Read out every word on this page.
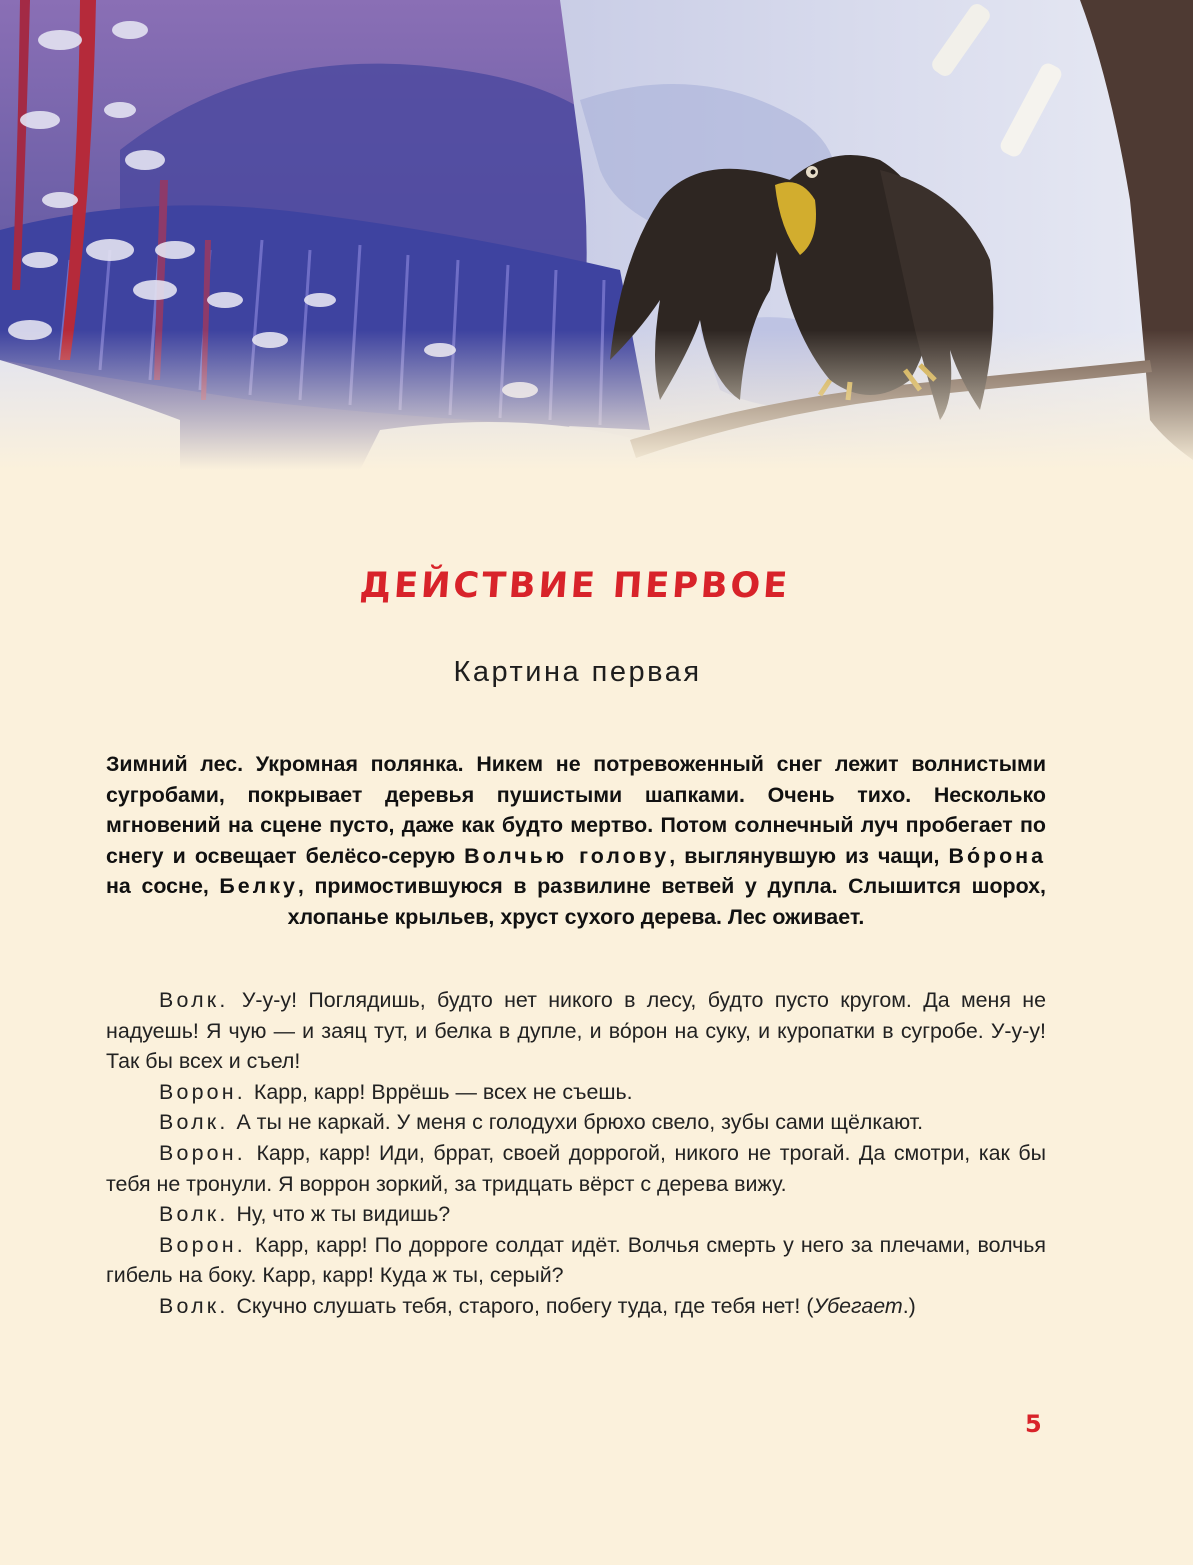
ДЕЙСТВИЕ ПЕРВОЕ
Картина первая
Зимний лес. Укромная полянка. Никем не потревоженный снег лежит волнистыми сугробами, покрывает деревья пушистыми шапками. Очень тихо. Несколько мгновений на сцене пусто, даже как будто мертво. Потом солнечный луч пробегает по снегу и освещает белёсо-серую Волчью голову, выглянувшую из чащи, Во́рона на сосне, Белку, примостившуюся в развилине ветвей у дупла. Слышится шорох, хлопанье крыльев, хруст сухого дерева. Лес оживает.

Волк. У-у-у! Поглядишь, будто нет никого в лесу, будто пусто кругом. Да меня не надуешь! Я чую — и заяц тут, и белка в дупле, и во́рон на суку, и куропатки в сугробе. У-у-у! Так бы всех и съел!

Ворон. Карр, карр! Вррёшь — всех не съешь.

Волк. А ты не каркай. У меня с голодухи брюхо свело, зубы сами щёлкают.

Ворон. Карр, карр! Иди, бррат, своей доррогой, никого не трогай. Да смотри, как бы тебя не тронули. Я воррон зоркий, за тридцать вёрст с дерева вижу.

Волк. Ну, что ж ты видишь?

Ворон. Карр, карр! По дорроге солдат идёт. Волчья смерть у него за плечами, волчья гибель на боку. Карр, карр! Куда ж ты, серый?

Волк. Скучно слушать тебя, старого, побегу туда, где тебя нет! (Убегает.)

5
